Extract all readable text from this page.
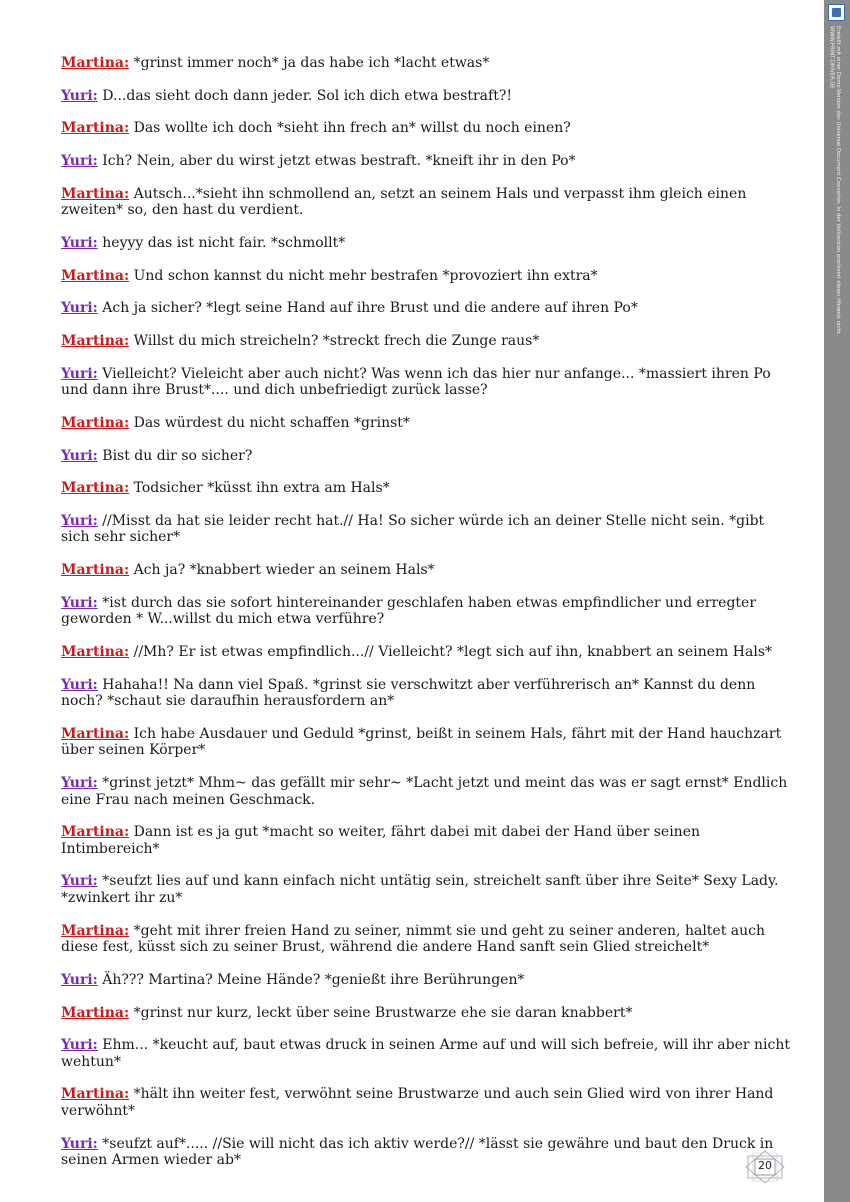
Martina: *grinst immer noch* ja das habe ich *lacht etwas*

Yuri: D...das sieht doch dann jeder. Sol ich dich etwa bestraft?!

Martina: Das wollte ich doch *sieht ihn frech an* willst du noch einen?

Yuri: Ich? Nein, aber du wirst jetzt etwas bestraft. *kneift ihr in den Po*

Martina: Autsch...*sieht ihn schmollend an, setzt an seinem Hals und verpasst ihm gleich einen zweiten* so, den hast du verdient.

Yuri: heyyy das ist nicht fair. *schmollt*

Martina: Und schon kannst du nicht mehr bestrafen *provoziert ihn extra*

Yuri: Ach ja sicher? *legt seine Hand auf ihre Brust und die andere auf ihren Po*

Martina: Willst du mich streicheln? *streckt frech die Zunge raus*

Yuri: Vielleicht? Vieleicht aber auch nicht? Was wenn ich das hier nur anfange... *massiert ihren Po und dann ihre Brust*.... und dich unbefriedigt zurück lasse?

Martina: Das würdest du nicht schaffen *grinst*

Yuri: Bist du dir so sicher?

Martina: Todsicher *küsst ihn extra am Hals*

Yuri: //Misst da hat sie leider recht hat.// Ha! So sicher würde ich an deiner Stelle nicht sein. *gibt sich sehr sicher*

Martina: Ach ja? *knabbert wieder an seinem Hals*

Yuri: *ist durch das sie sofort hintereinander geschlafen haben etwas empfindlicher und erregter geworden * W...willst du mich etwa verführe?

Martina: //Mh? Er ist etwas empfindlich...// Vielleicht? *legt sich auf ihn, knabbert an seinem Hals*

Yuri: Hahaha!! Na dann viel Spaß. *grinst sie verschwitzt aber verführerisch an* Kannst du denn noch? *schaut sie daraufhin herausfordern an*

Martina: Ich habe Ausdauer und Geduld *grinst, beißt in seinem Hals, fährt mit der Hand hauchzart über seinen Körper*

Yuri: *grinst jetzt* Mhm~ das gefällt mir sehr~ *Lacht jetzt und meint das was er sagt ernst* Endlich eine Frau nach meinen Geschmack.

Martina: Dann ist es ja gut *macht so weiter, fährt dabei mit dabei der Hand über seinen Intimbereich*

Yuri: *seufzt lies auf und kann einfach nicht untätig sein, streichelt sanft über ihre Seite* Sexy Lady. *zwinkert ihr zu*

Martina: *geht mit ihrer freien Hand zu seiner, nimmt sie und geht zu seiner anderen, haltet auch diese fest, küsst sich zu seiner Brust, während die andere Hand sanft sein Glied streichelt*

Yuri: Äh??? Martina? Meine Hände? *genießt ihre Berührungen*

Martina: *grinst nur kurz, leckt über seine Brustwarze ehe sie daran knabbert*

Yuri: Ehm... *keucht auf, baut etwas druck in seinen Arme auf und will sich befreie, will ihr aber nicht wehtun*

Martina: *hält ihn weiter fest, verwöhnt seine Brustwarze und auch sein Glied wird von ihrer Hand verwöhnt*

Yuri: *seufzt auf*..... //Sie will nicht das ich aktiv werde?// *lässt sie gewähre und baut den Druck in seinen Armen wieder ab*	20
Erstellt mit einer Demo-Version des Universal Document Converter. In der Vollversion erscheint dieser Hinweis nicht.
WWW.PRINT-DRIVER.DE
